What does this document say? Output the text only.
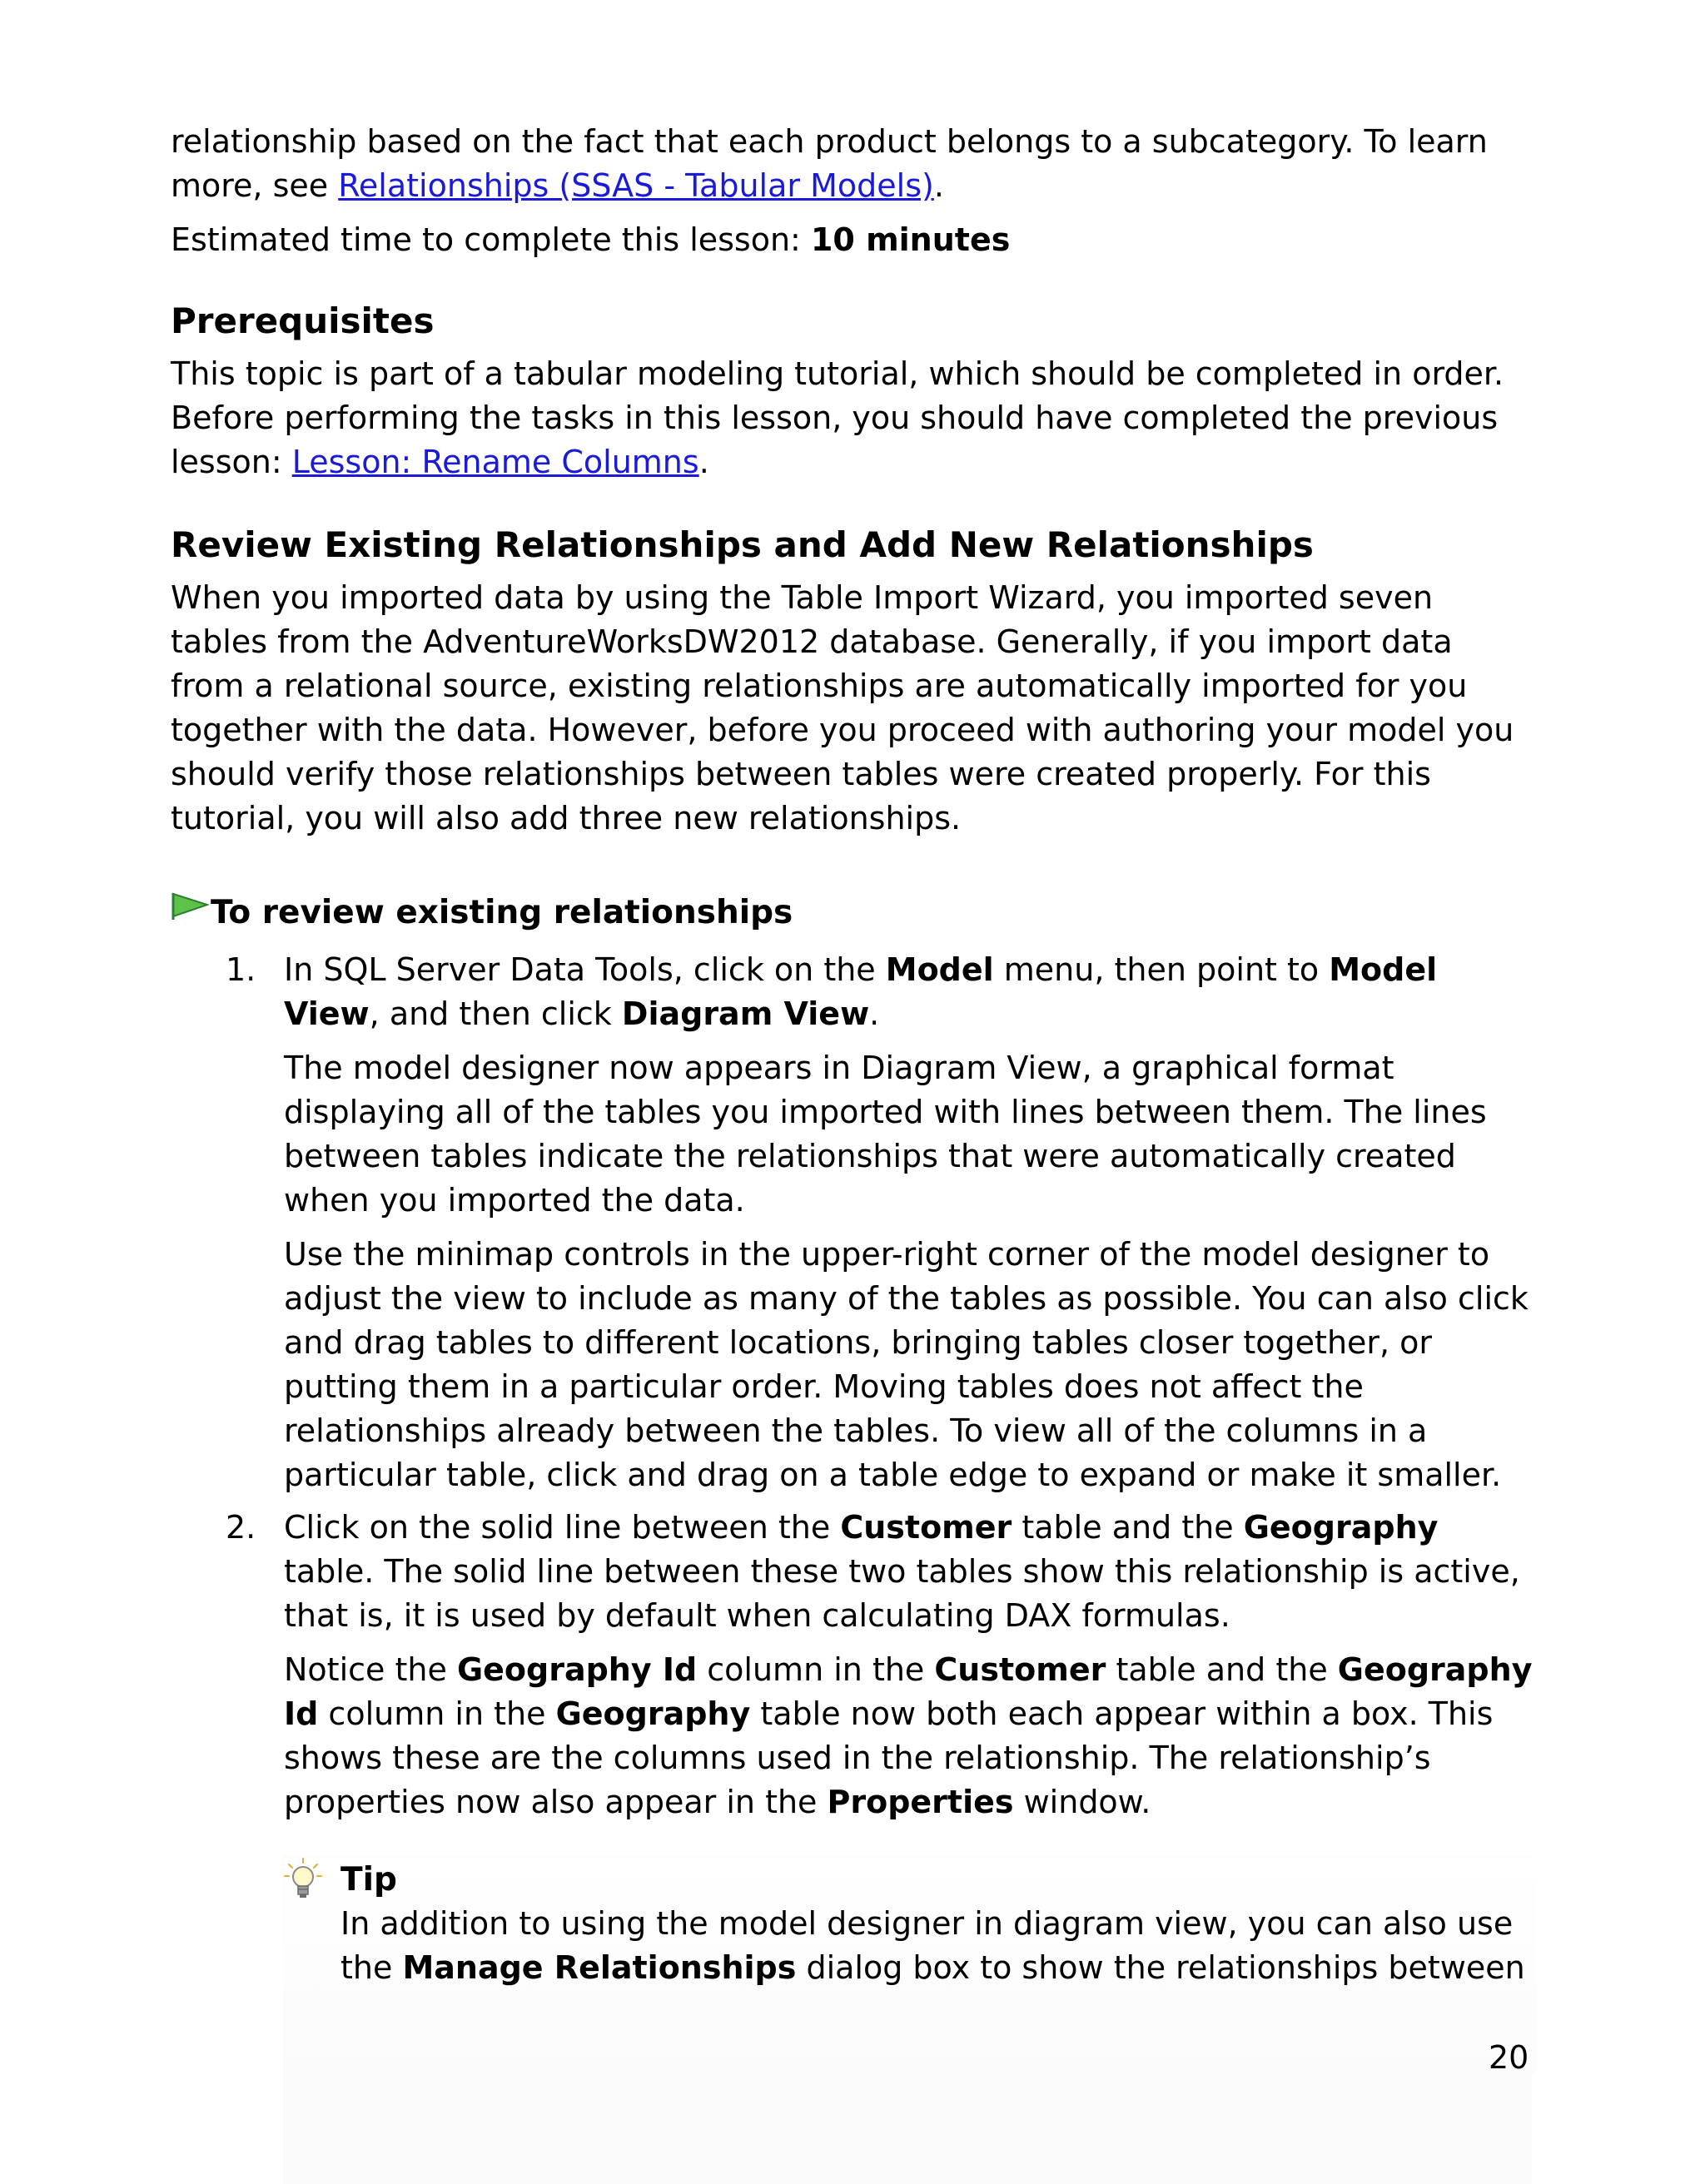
relationship based on the fact that each product belongs to a subcategory. To learn more, see Relationships (SSAS - Tabular Models).

Estimated time to complete this lesson: 10 minutes

Prerequisites

This topic is part of a tabular modeling tutorial, which should be completed in order. Before performing the tasks in this lesson, you should have completed the previous lesson: Lesson: Rename Columns.

Review Existing Relationships and Add New Relationships

When you imported data by using the Table Import Wizard, you imported seven tables from the AdventureWorksDW2012 database. Generally, if you import data from a relational source, existing relationships are automatically imported for you together with the data. However, before you proceed with authoring your model you should verify those relationships between tables were created properly. For this tutorial, you will also add three new relationships.

To review existing relationships
1. In SQL Server Data Tools, click on the Model menu, then point to Model View, and then click Diagram View.

The model designer now appears in Diagram View, a graphical format displaying all of the tables you imported with lines between them. The lines between tables indicate the relationships that were automatically created when you imported the data.

Use the minimap controls in the upper-right corner of the model designer to adjust the view to include as many of the tables as possible. You can also click and drag tables to different locations, bringing tables closer together, or putting them in a particular order. Moving tables does not affect the relationships already between the tables. To view all of the columns in a particular table, click and drag on a table edge to expand or make it smaller.

2. Click on the solid line between the Customer table and the Geography table. The solid line between these two tables show this relationship is active, that is, it is used by default when calculating DAX formulas.

Notice the Geography Id column in the Customer table and the Geography Id column in the Geography table now both each appear within a box. This shows these are the columns used in the relationship. The relationship’s properties now also appear in the Properties window.

Tip

In addition to using the model designer in diagram view, you can also use the Manage Relationships dialog box to show the relationships between

20
